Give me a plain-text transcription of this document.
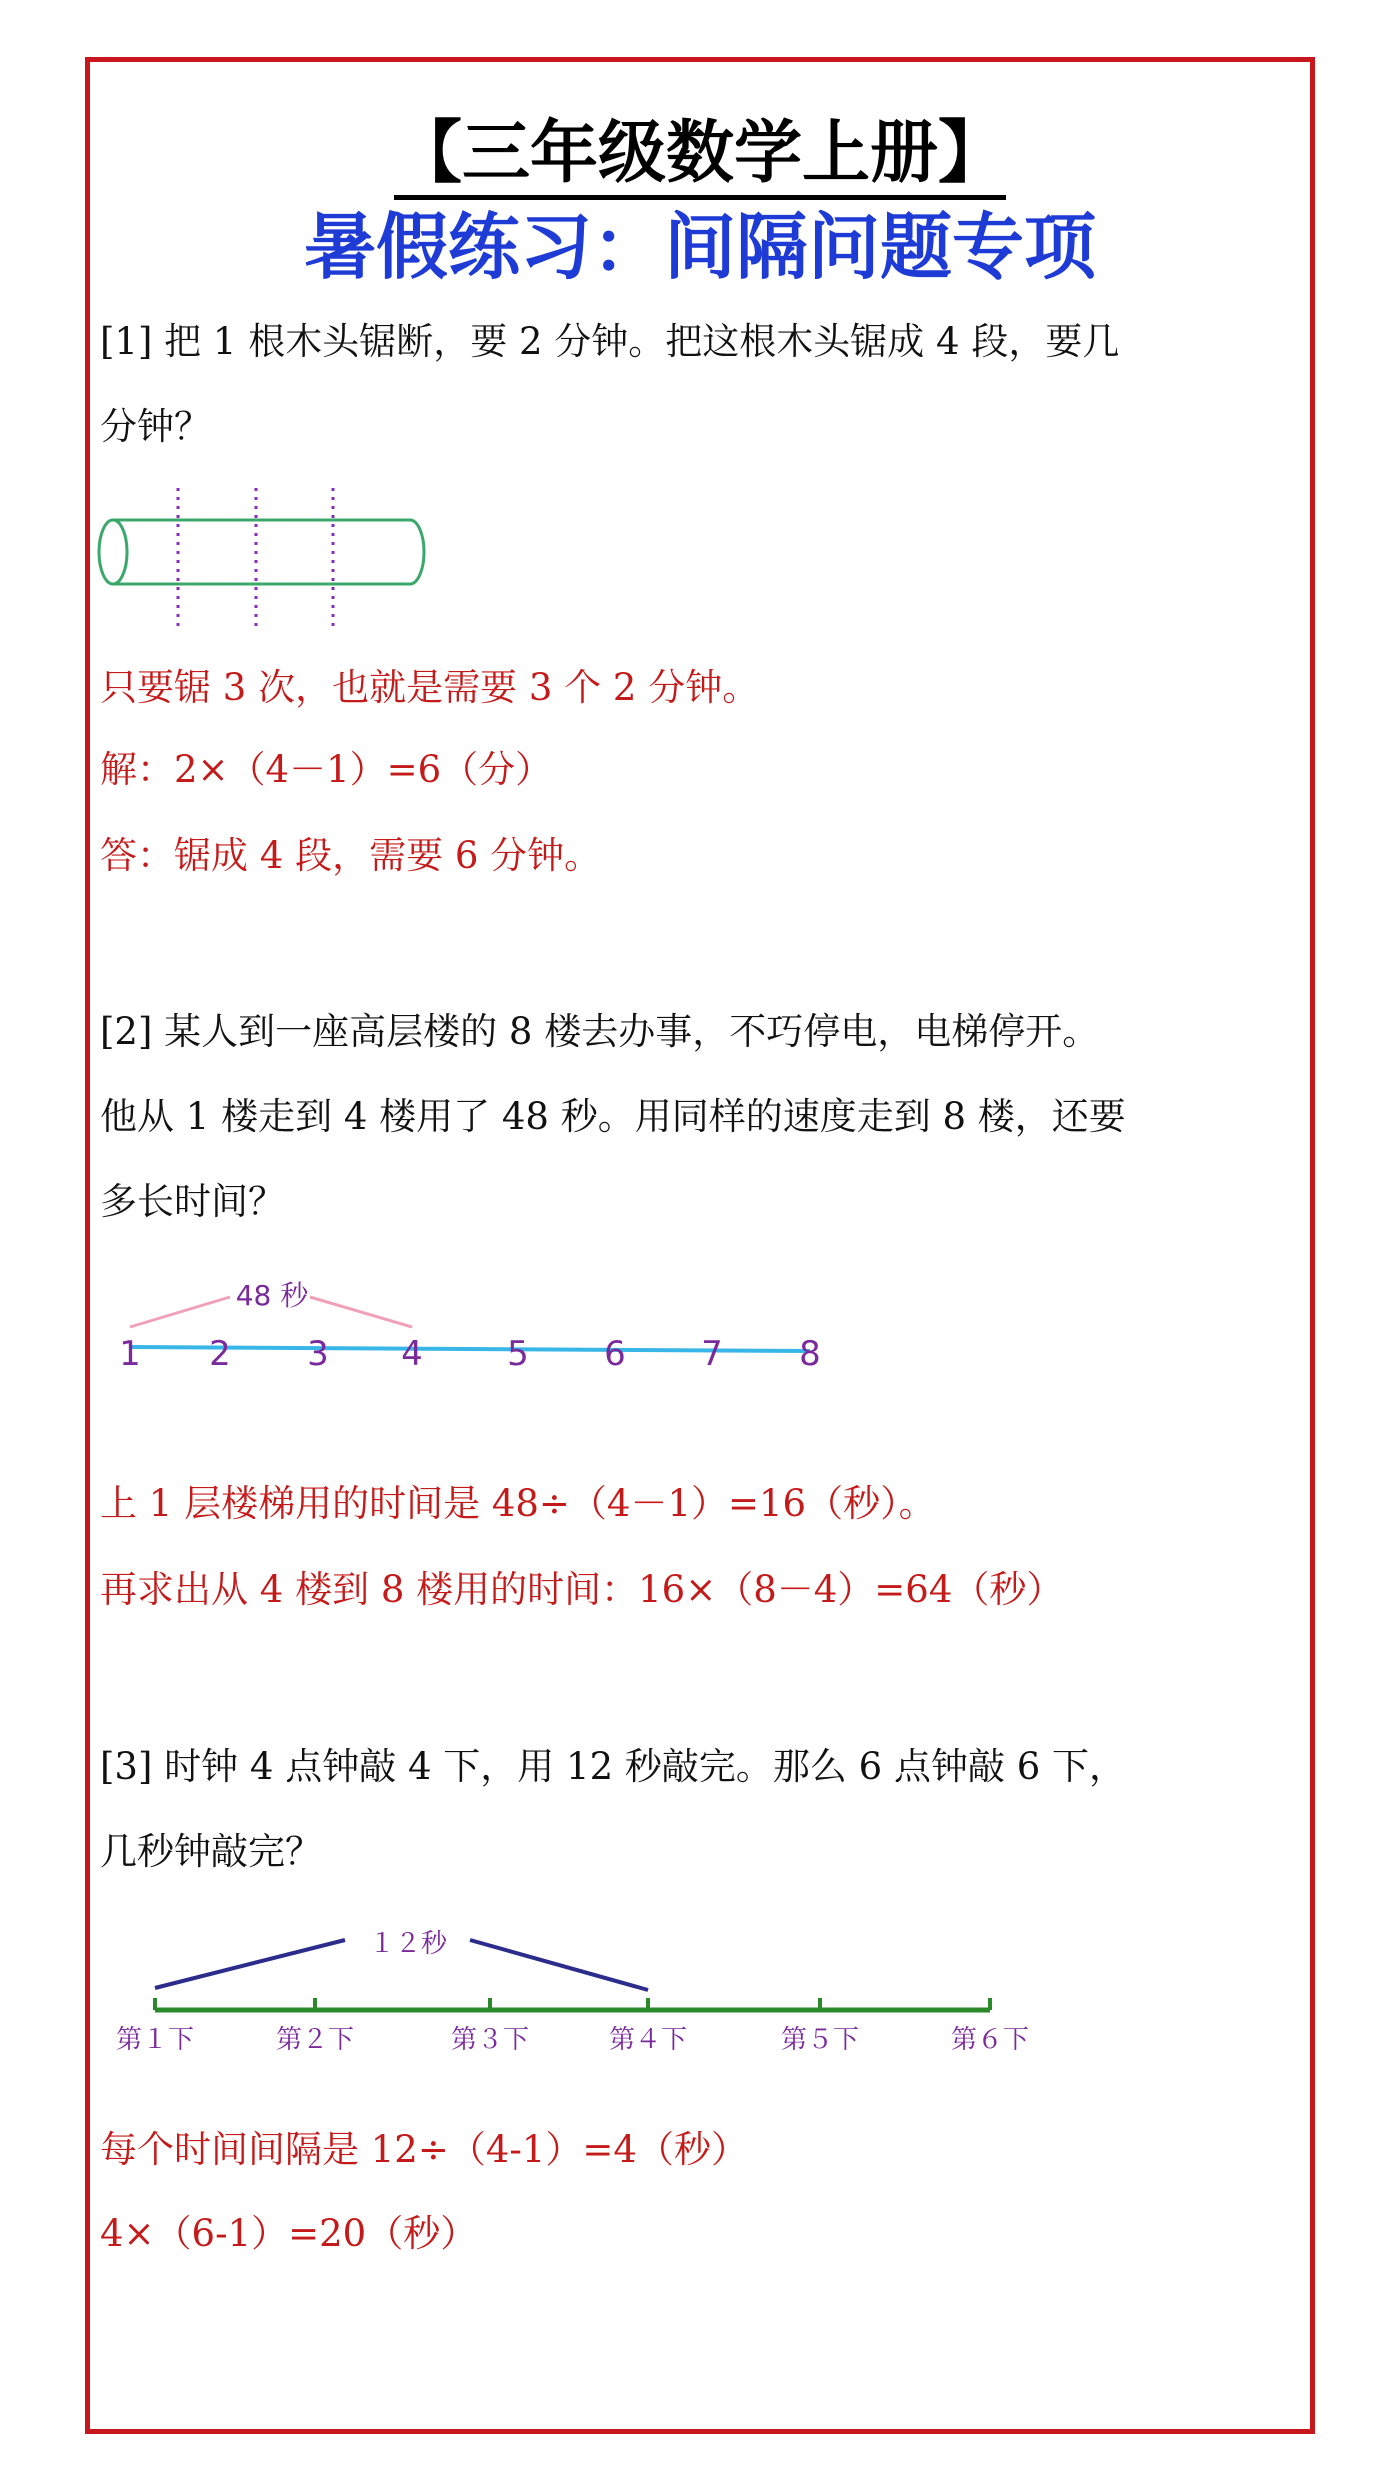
【三年级数学上册】
暑假练习：间隔问题专项
[1] 把 1 根木头锯断，要 2 分钟。把这根木头锯成 4 段，要几
分钟？
只要锯 3 次，也就是需要 3 个 2 分钟。
解：2×（4－1）=6（分）
答：锯成 4 段，需要 6 分钟。
[2] 某人到一座高层楼的 8 楼去办事，不巧停电，电梯停开。
他从 1 楼走到 4 楼用了 48 秒。用同样的速度走到 8 楼，还要
多长时间？
48 秒
1 2 3 4 5 6 7 8
上 1 层楼梯用的时间是 48÷（4－1）=16（秒）。
再求出从 4 楼到 8 楼用的时间：16×（8－4）=64（秒）
[3] 时钟 4 点钟敲 4 下，用 12 秒敲完。那么 6 点钟敲 6 下，
几秒钟敲完？
１２秒
第１下	第２下	第３下	第４下	第５下	第６下
每个时间间隔是 12÷（4-1）=4（秒）
4×（6-1）=20（秒）
